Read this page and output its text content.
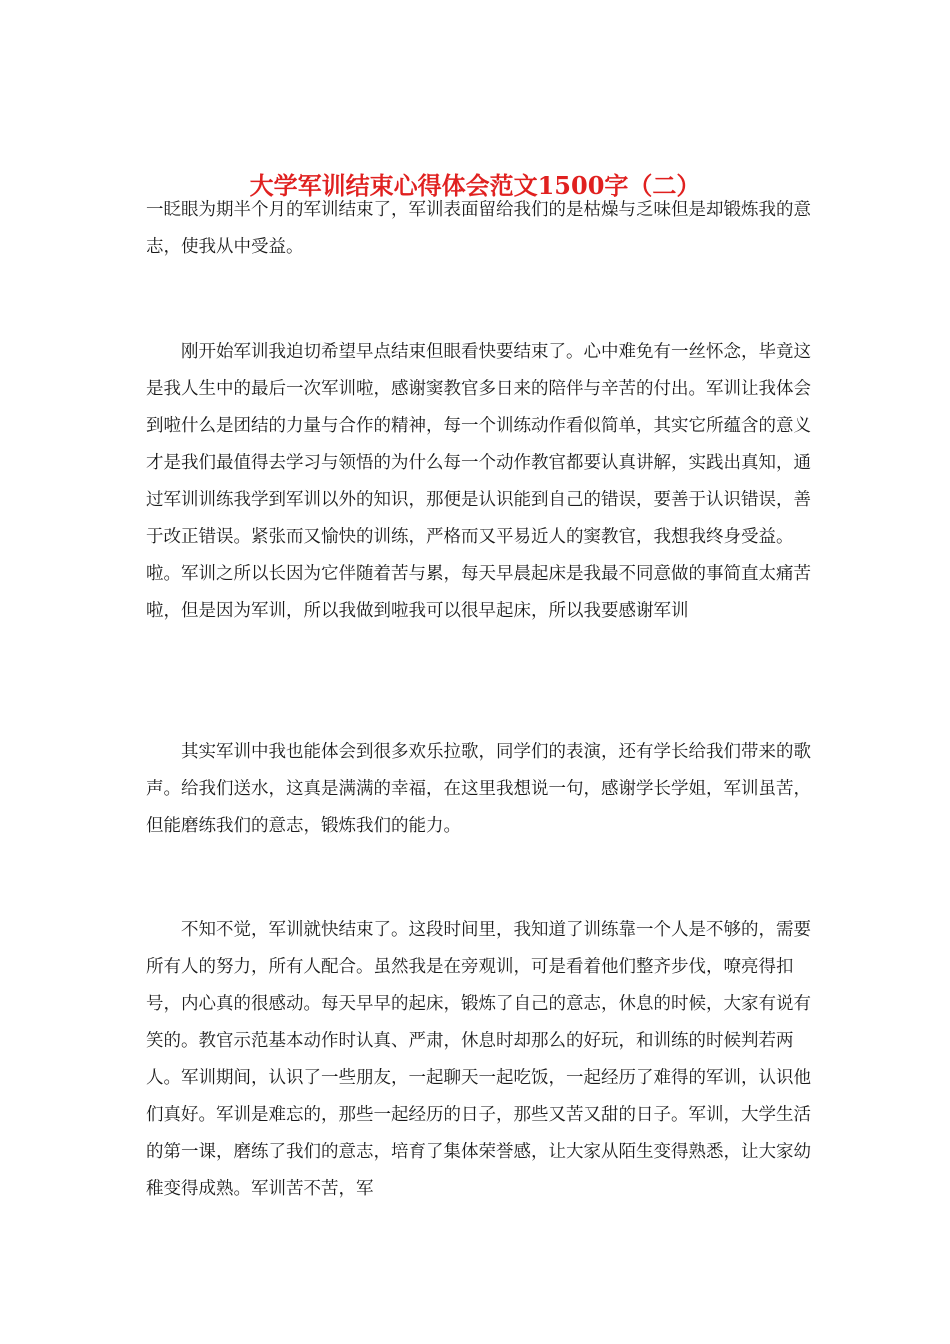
大学军训结束心得体会范文1500字（二）

一眨眼为期半个月的军训结束了，军训表面留给我们的是枯燥与乏味但是却锻炼我的意志，使我从中受益。

刚开始军训我迫切希望早点结束但眼看快要结束了。心中难免有一丝怀念，毕竟这是我人生中的最后一次军训啦，感谢窦教官多日来的陪伴与辛苦的付出。军训让我体会到啦什么是团结的力量与合作的精神，每一个训练动作看似简单，其实它所蕴含的意义才是我们最值得去学习与领悟的为什么每一个动作教官都要认真讲解，实践出真知，通过军训训练我学到军训以外的知识，那便是认识能到自己的错误，要善于认识错误，善于改正错误。紧张而又愉快的训练，严格而又平易近人的窦教官，我想我终身受益。啦。军训之所以长因为它伴随着苦与累，每天早晨起床是我最不同意做的事简直太痛苦啦，但是因为军训，所以我做到啦我可以很早起床，所以我要感谢军训

其实军训中我也能体会到很多欢乐拉歌，同学们的表演，还有学长给我们带来的歌声。给我们送水，这真是满满的幸福，在这里我想说一句，感谢学长学姐，军训虽苦，但能磨练我们的意志，锻炼我们的能力。

不知不觉，军训就快结束了。这段时间里，我知道了训练靠一个人是不够的，需要所有人的努力，所有人配合。虽然我是在旁观训，可是看着他们整齐步伐，嘹亮得扣号，内心真的很感动。每天早早的起床，锻炼了自己的意志，休息的时候，大家有说有笑的。教官示范基本动作时认真、严肃，休息时却那么的好玩，和训练的时候判若两人。军训期间，认识了一些朋友，一起聊天一起吃饭，一起经历了难得的军训，认识他们真好。军训是难忘的，那些一起经历的日子，那些又苦又甜的日子。军训，大学生活的第一课，磨练了我们的意志，培育了集体荣誉感，让大家从陌生变得熟悉，让大家幼稚变得成熟。军训苦不苦，军
